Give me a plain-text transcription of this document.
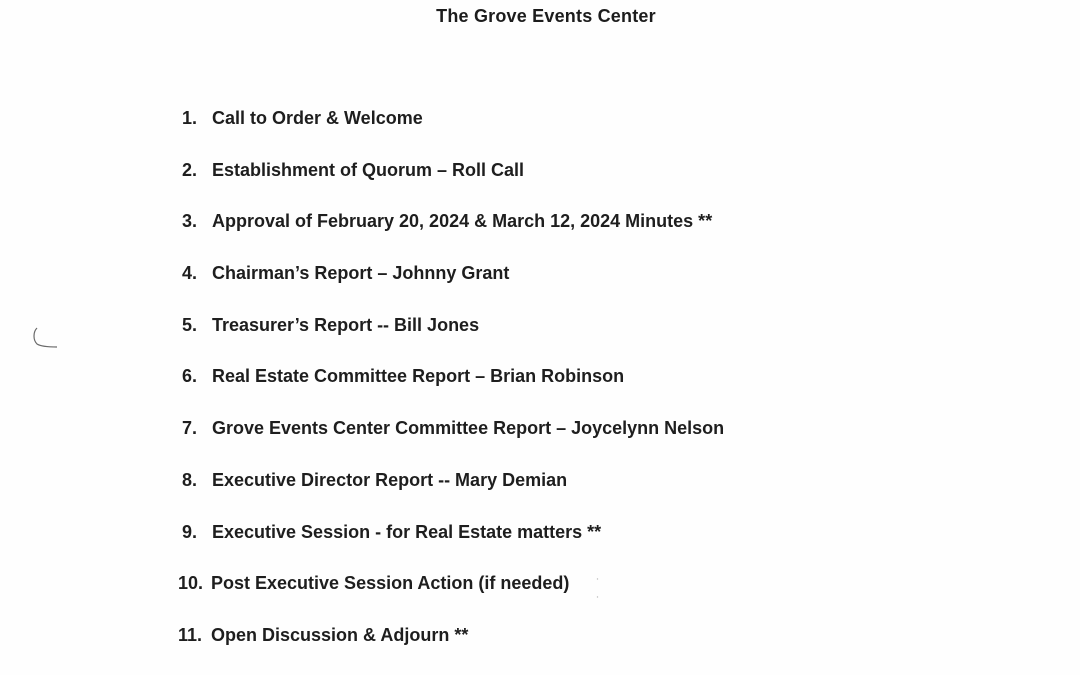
The Grove Events Center
1. Call to Order & Welcome
2. Establishment of Quorum – Roll Call
3. Approval of February 20, 2024 & March 12, 2024 Minutes **
4. Chairman’s Report – Johnny Grant
5. Treasurer’s Report -- Bill Jones
6. Real Estate Committee Report – Brian Robinson
7. Grove Events Center Committee Report – Joycelynn Nelson
8. Executive Director Report -- Mary Demian
9. Executive Session - for Real Estate matters **
10. Post Executive Session Action (if needed)
11. Open Discussion & Adjourn **
